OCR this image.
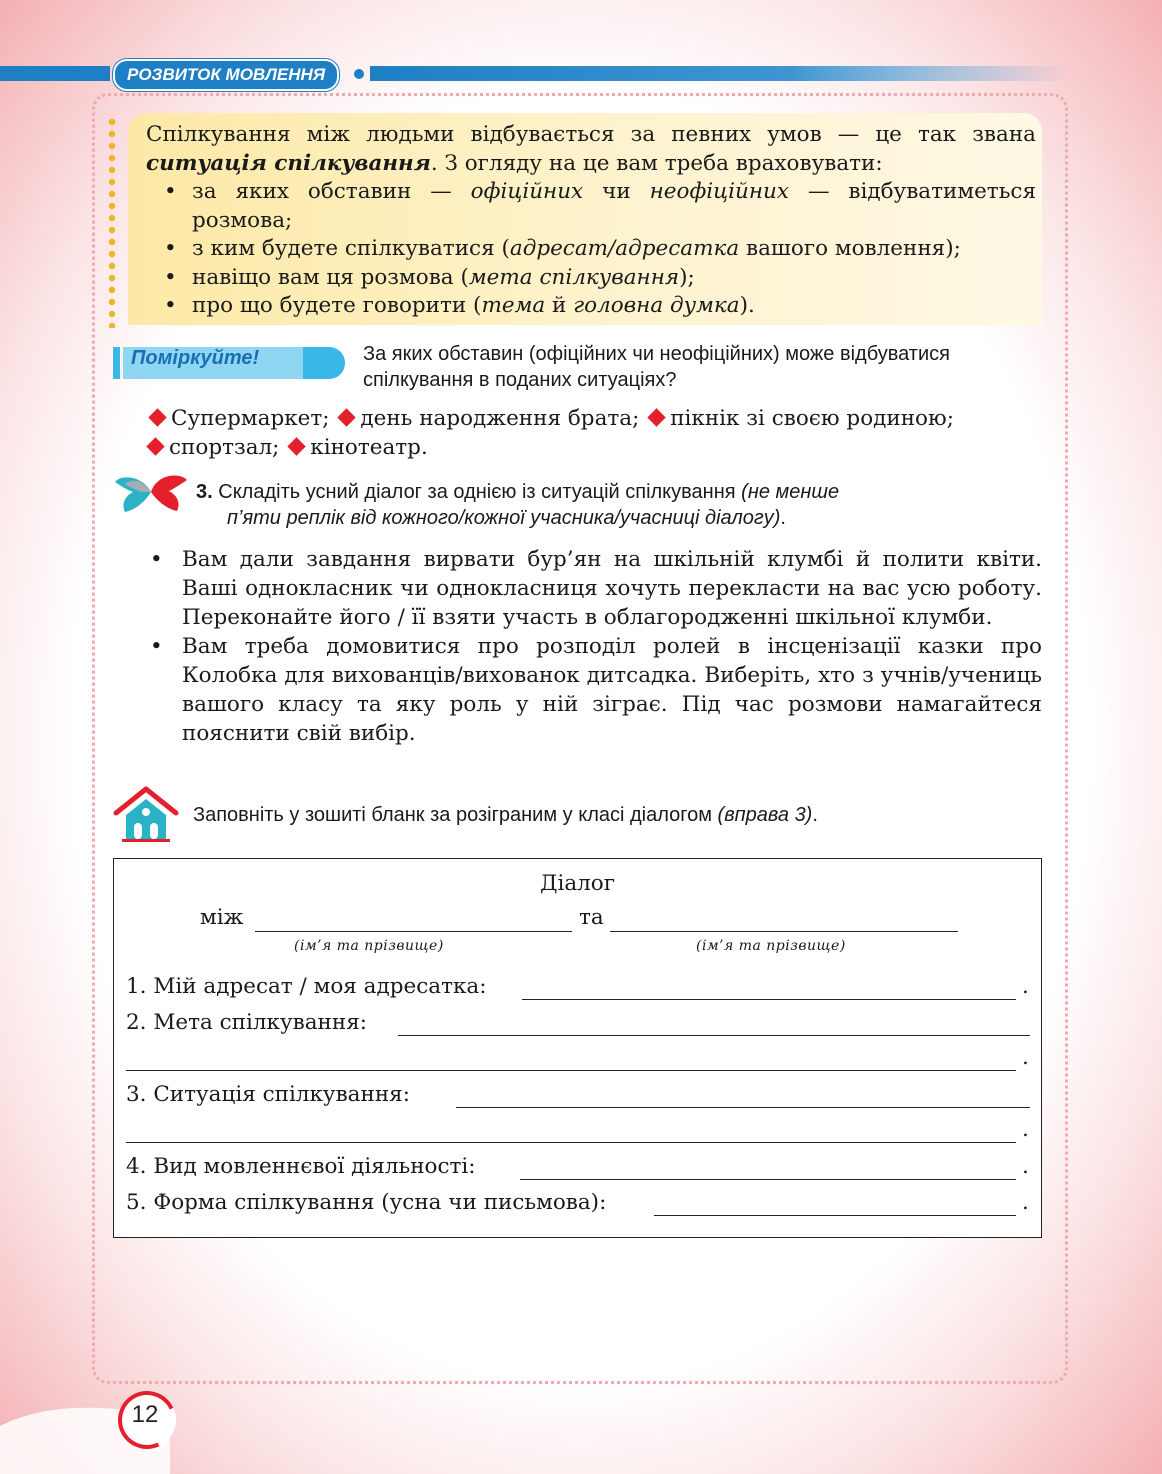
РОЗВИТОК МОВЛЕННЯ
Спілкування між людьми відбувається за певних умов — це так звана ситуація спілкування. З огляду на це вам треба враховувати:
• за яких обставин — офіційних чи неофіційних — відбуватиметься розмова;
• з ким будете спілкуватися (адресат/адресатка вашого мовлення);
• навіщо вам ця розмова (мета спілкування);
• про що будете говорити (тема й головна думка).
Поміркуйте!	За яких обставин (офіційних чи неофіційних) може відбуватися спілкування в поданих ситуаціях?
Супермаркет; день народження брата; пікнік зі своєю родиною;
спортзал; кінотеатр.
3. Складіть усний діалог за однією із ситуацій спілкування (не менше
п’яти реплік від кожного/кожної учасника/учасниці діалогу).
• Вам дали завдання вирвати бур’ян на шкільній клумбі й полити квіти. Ваші однокласник чи однокласниця хочуть перекласти на вас усю роботу. Переконайте його / її взяти участь в облагородженні шкільної клумби.
• Вам треба домовитися про розподіл ролей в інсценізації казки про Колобка для вихованців/вихованок дитсадка. Виберіть, хто з учнів/учениць вашого класу та яку роль у ній зіграє. Під час розмови намагайтеся пояснити свій вибір.
Заповніть у зошиті бланк за розіграним у класі діалогом (вправа 3).
Діалог
між	та
(ім’я та прізвище)	(ім’я та прізвище)
1. Мій адресат / моя адресатка:	.
2. Мета спілкування:
.
3. Ситуація спілкування:
.
4. Вид мовленнєвої діяльності:	.
5. Форма спілкування (усна чи письмова):	.
12
